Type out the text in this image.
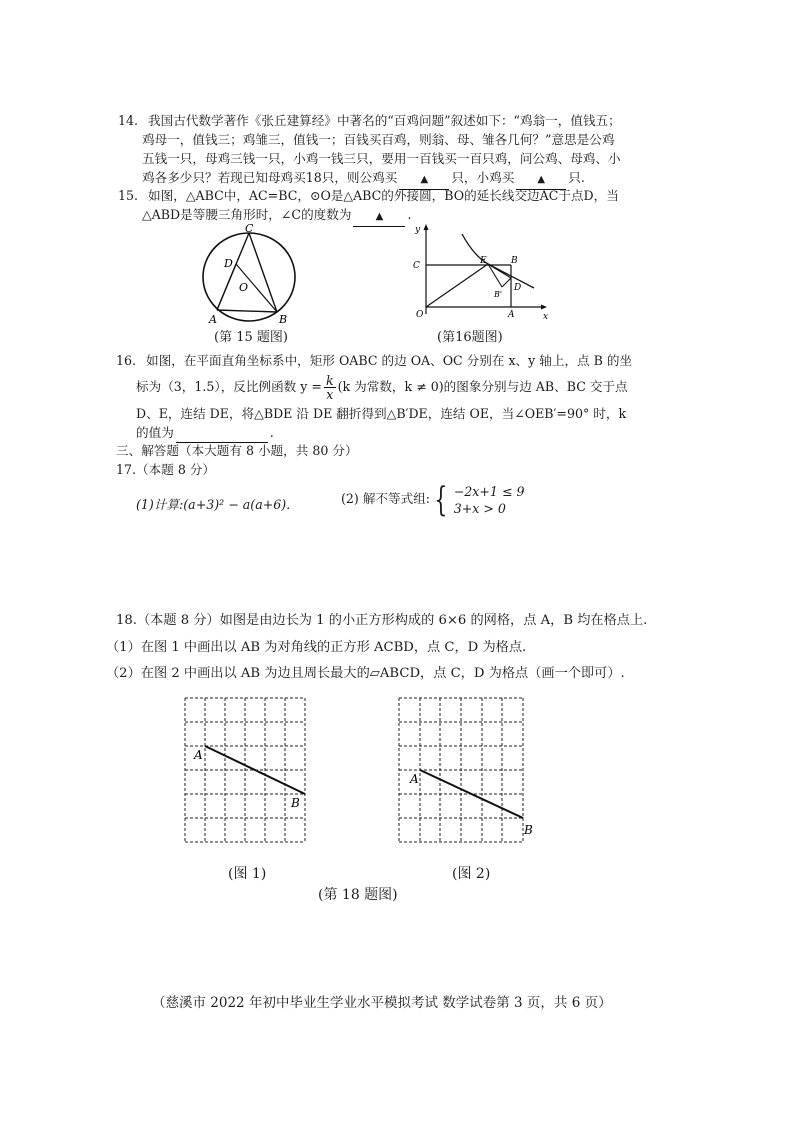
14. 我国古代数学著作《张丘建算经》中著名的“百鸡问题”叙述如下：“鸡翁一，值钱五；
鸡母一，值钱三；鸡雏三，值钱一；百钱买百鸡，则翁、母、雏各几何？”意思是公鸡
五钱一只，母鸡三钱一只，小鸡一钱三只，要用一百钱买一百只鸡，问公鸡、母鸡、小
鸡各多少只？若现已知母鸡买18只，则公鸡买 ▲ 只，小鸡买 ▲ 只.
15. 如图，△ABC中，AC=BC，⊙O是△ABC的外接圆，BO的延长线交边AC于点D，当
△ABD是等腰三角形时，∠C的度数为 ▲ .
C
D
O
A	B
(第 15 题图)
y
x
C	E	B
D
B'
O	A
(第16题图)
16. 如图，在平面直角坐标系中，矩形 OABC 的边 OA、OC 分别在 x、y 轴上，点 B 的坐
标为（3，1.5），反比例函数 $y = \frac{k}{x} (k$ 为常数，k ≠ 0)的图象分别与边 AB、BC 交于点
D、E，连结 DE，将△BDE 沿 DE 翻折得到△B′DE，连结 OE，当∠OEB′=90° 时，k
的值为	.
三、解答题（本大题有 8 小题，共 80 分）
17.（本题 8 分）
(1)计算:(a+3)² − a(a+6)．	(2) 解不等式组: { −2x+1 ≤ 9
3+x > 0
18.（本题 8 分）如图是由边长为 1 的小正方形构成的 6×6 的网格，点 A，B 均在格点上.
（1）在图 1 中画出以 AB 为对角线的正方形 ACBD，点 C，D 为格点.
（2）在图 2 中画出以 AB 为边且周长最大的▱ABCD，点 C，D 为格点（画一个即可）.
A
B
A
B
(图 1)	(图 2)
(第 18 题图)
（慈溪市 2022 年初中毕业生学业水平模拟考试 数学试卷第 3 页，共 6 页）
